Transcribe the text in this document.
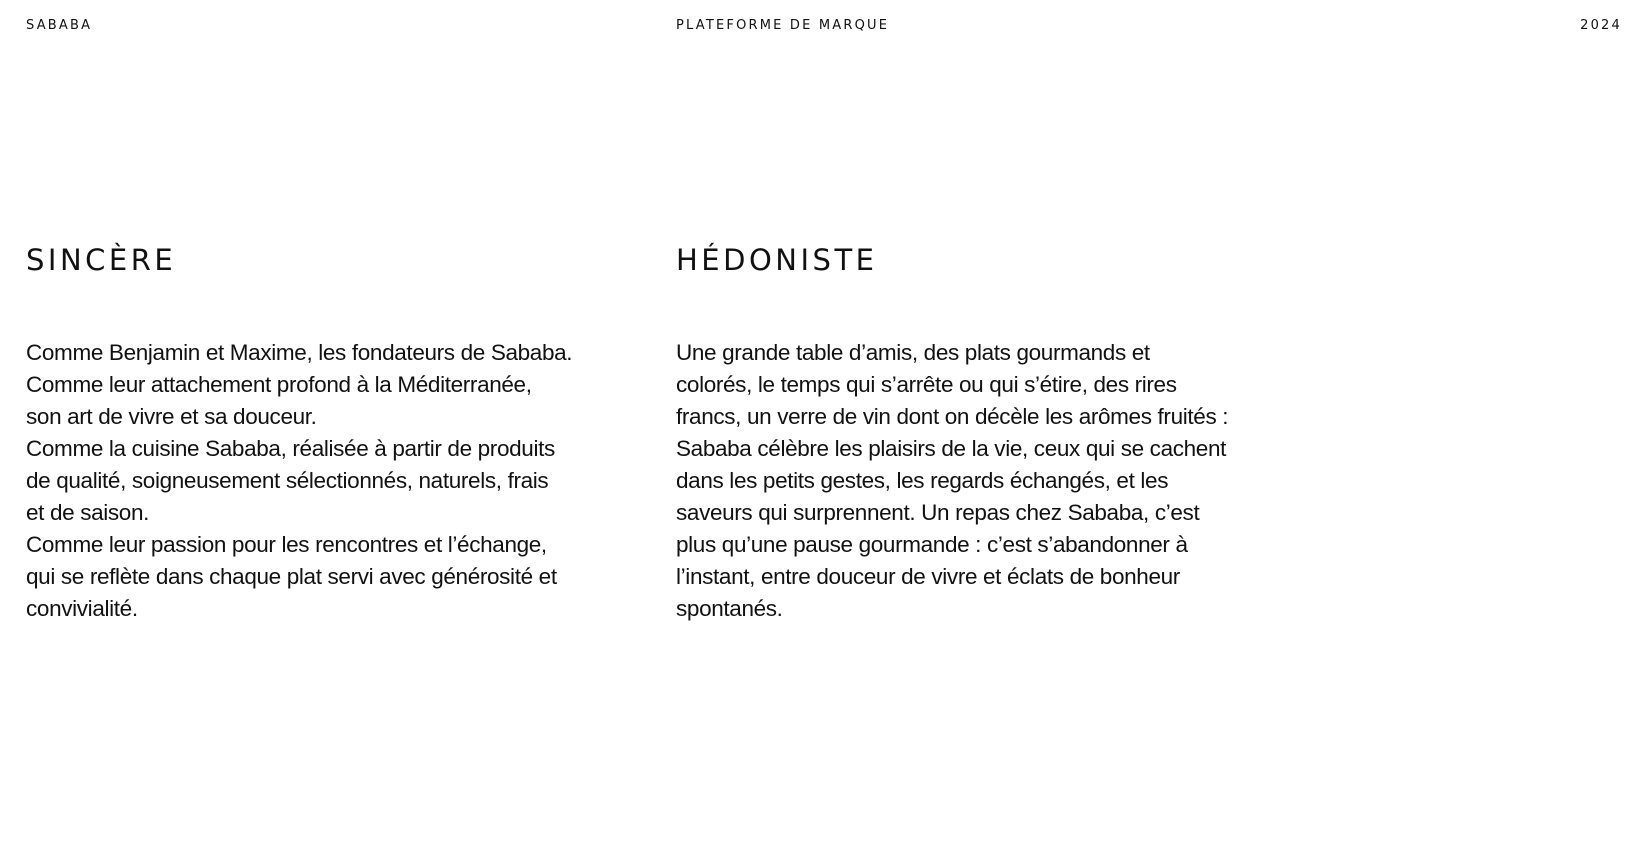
SABABA	PLATEFORME DE MARQUE	2024
SINCÈRE

Comme Benjamin et Maxime, les fondateurs de Sababa.
Comme leur attachement profond à la Méditerranée,
son art de vivre et sa douceur.
Comme la cuisine Sababa, réalisée à partir de produits
de qualité, soigneusement sélectionnés, naturels, frais
et de saison.
Comme leur passion pour les rencontres et l’échange,
qui se reflète dans chaque plat servi avec générosité et
convivialité.

HÉDONISTE

Une grande table d’amis, des plats gourmands et
colorés, le temps qui s’arrête ou qui s’étire, des rires
francs, un verre de vin dont on décèle les arômes fruités :
Sababa célèbre les plaisirs de la vie, ceux qui se cachent
dans les petits gestes, les regards échangés, et les
saveurs qui surprennent. Un repas chez Sababa, c’est
plus qu’une pause gourmande : c’est s’abandonner à
l’instant, entre douceur de vivre et éclats de bonheur
spontanés.
